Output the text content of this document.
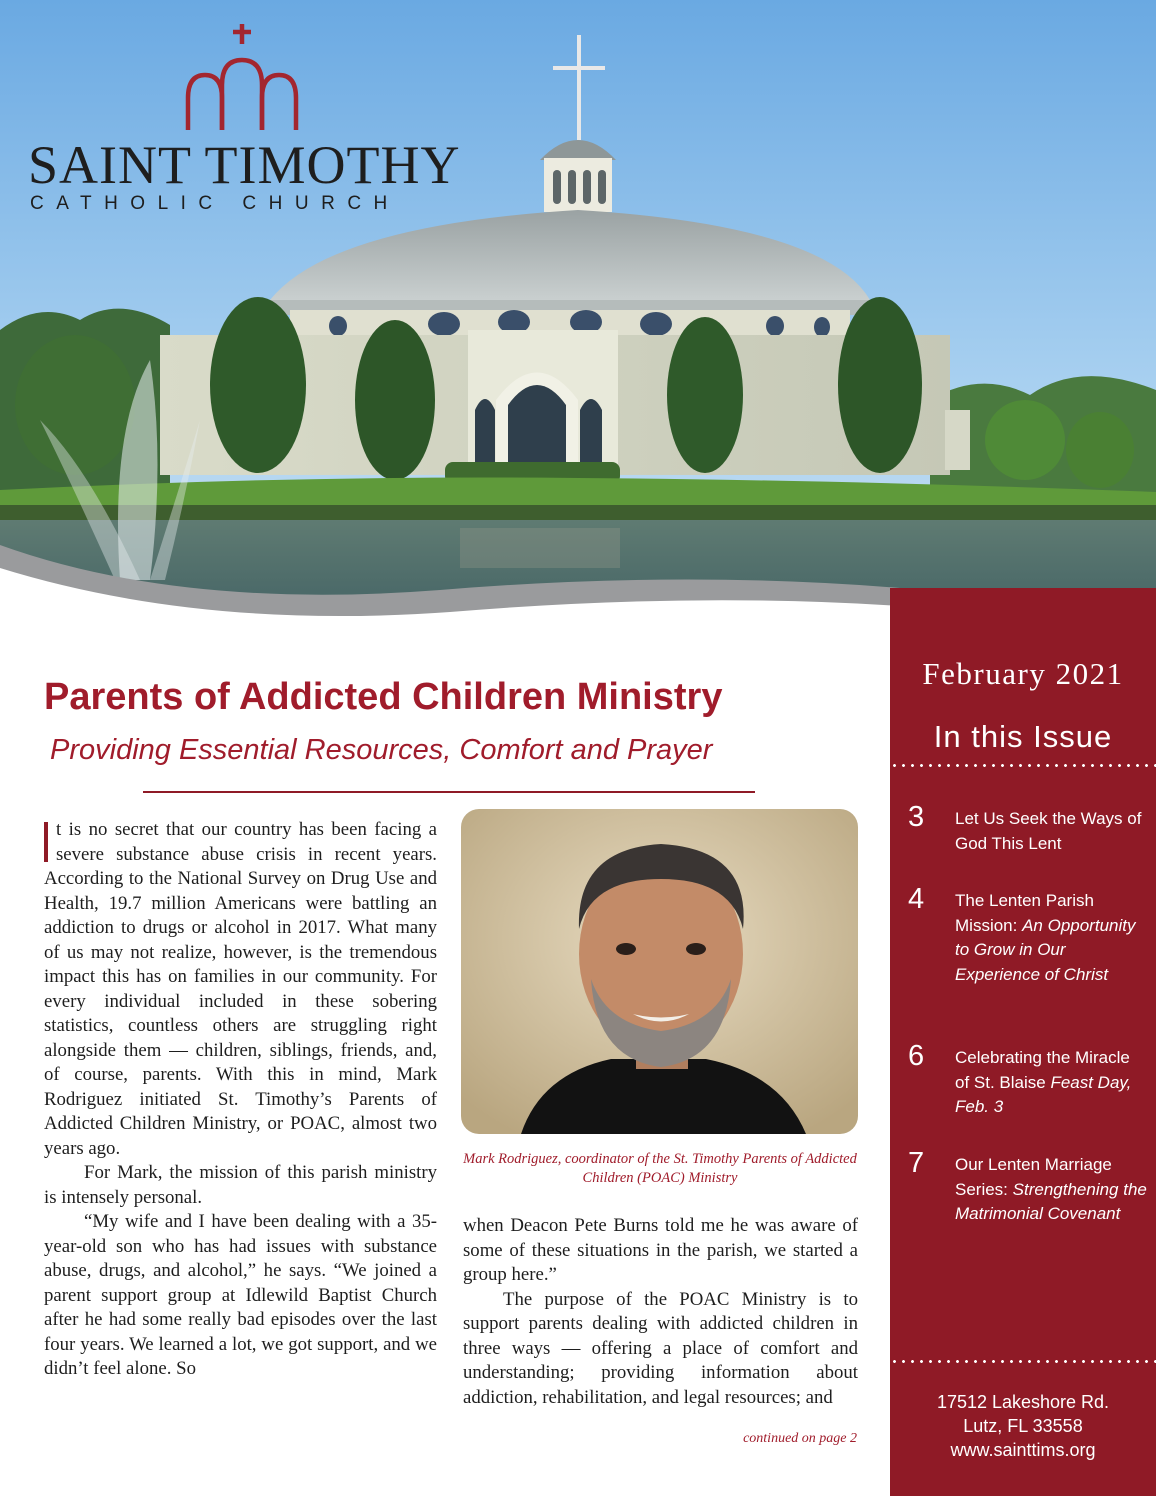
SAINT TIMOTHY
CATHOLIC CHURCH
February 2021
In this Issue
3 Let Us Seek the Ways of God This Lent
4 The Lenten Parish Mission: An Opportunity to Grow in Our Experience of Christ
6 Celebrating the Miracle of St. Blaise Feast Day, Feb. 3
7 Our Lenten Marriage Series: Strengthening the Matrimonial Covenant
17512 Lakeshore Rd.
Lutz, FL 33558
www.sainttims.org
Parents of Addicted Children Ministry
Providing Essential Resources, Comfort and Prayer

t is no secret that our country has been facing a severe substance abuse crisis in recent years. According to the National Survey on Drug Use and Health, 19.7 million Americans were battling an addiction to drugs or alcohol in 2017. What many of us may not realize, however, is the tremendous impact this has on families in our community. For every individual included in these sobering statistics, countless others are struggling right alongside them — children, siblings, friends, and, of course, parents. With this in mind, Mark Rodriguez initiated St. Timothy’s Parents of Addicted Children Ministry, or POAC, almost two years ago.

For Mark, the mission of this parish ministry is intensely personal.

“My wife and I have been dealing with a 35-year-old son who has had issues with substance abuse, drugs, and alcohol,” he says. “We joined a parent support group at Idlewild Baptist Church after he had some really bad episodes over the last four years. We learned a lot, we got support, and we didn’t feel alone. So

Mark Rodriguez, coordinator of the St. Timothy Parents of Addicted Children (POAC) Ministry

when Deacon Pete Burns told me he was aware of some of these situations in the parish, we started a group here.”

The purpose of the POAC Ministry is to support parents dealing with addicted children in three ways — offering a place of comfort and understanding; providing information about addiction, rehabilitation, and legal resources; and

continued on page 2
